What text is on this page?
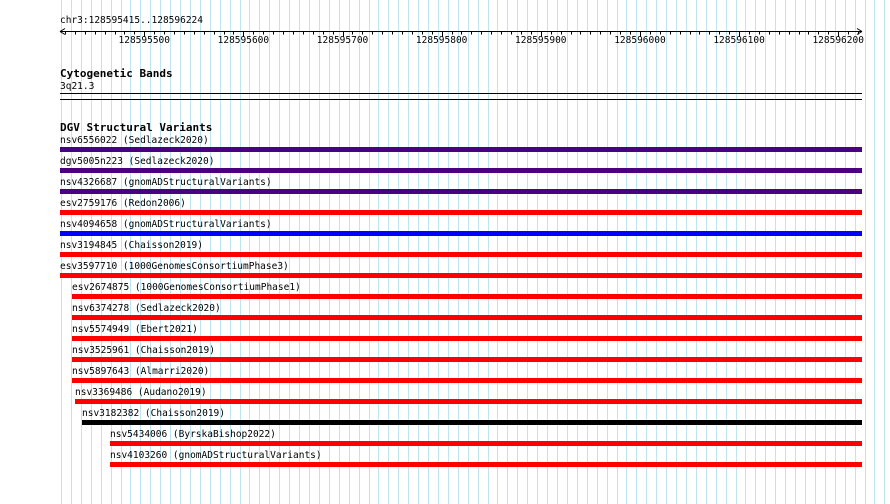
chr3:128595415..128596224
128595500	128595600	128595700	128595800	128595900	128596000	128596100	128596200
Cytogenetic Bands
3q21.3
DGV Structural Variants
nsv6556022 (Sedlazeck2020)
dgv5005n223 (Sedlazeck2020)
nsv4326687 (gnomADStructuralVariants)
esv2759176 (Redon2006)
nsv4094658 (gnomADStructuralVariants)
nsv3194845 (Chaisson2019)
esv3597710 (1000GenomesConsortiumPhase3)
esv2674875 (1000GenomesConsortiumPhase1)
nsv6374278 (Sedlazeck2020)
nsv5574949 (Ebert2021)
nsv3525961 (Chaisson2019)
nsv5897643 (Almarri2020)
nsv3369486 (Audano2019)
nsv3182382 (Chaisson2019)
nsv5434006 (ByrskaBishop2022)
nsv4103260 (gnomADStructuralVariants)
